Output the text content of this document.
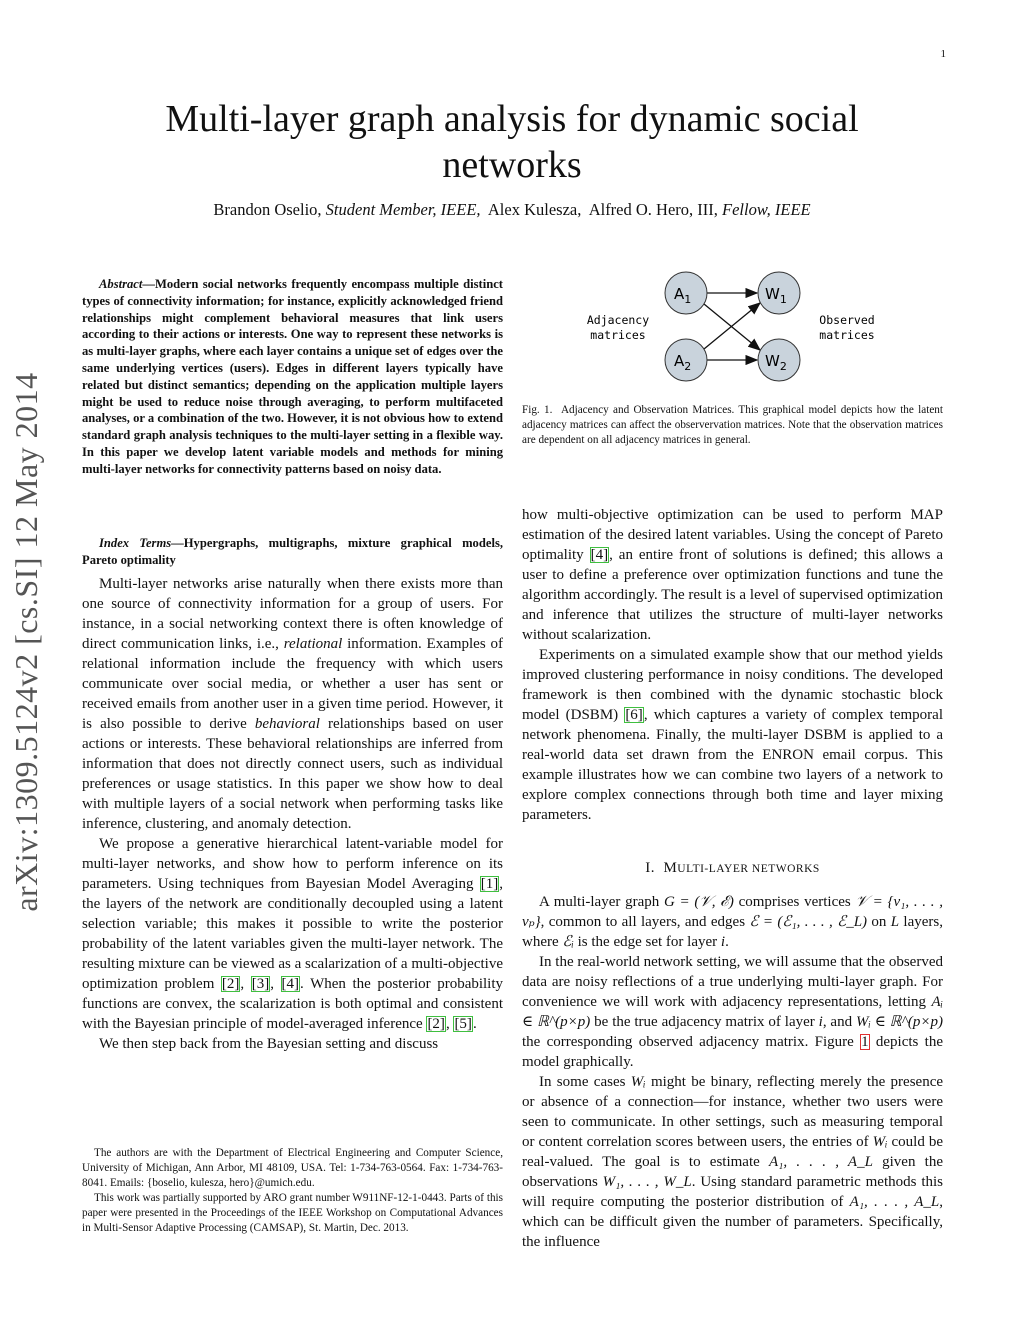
1
Multi-layer graph analysis for dynamic social networks
Brandon Oselio, Student Member, IEEE, Alex Kulesza, Alfred O. Hero, III, Fellow, IEEE
arXiv:1309.5124v2 [cs.SI] 12 May 2014
Abstract—Modern social networks frequently encompass multiple distinct types of connectivity information; for instance, explicitly acknowledged friend relationships might complement behavioral measures that link users according to their actions or interests. One way to represent these networks is as multi-layer graphs, where each layer contains a unique set of edges over the same underlying vertices (users). Edges in different layers typically have related but distinct semantics; depending on the application multiple layers might be used to reduce noise through averaging, to perform multifaceted analyses, or a combination of the two. However, it is not obvious how to extend standard graph analysis techniques to the multi-layer setting in a flexible way. In this paper we develop latent variable models and methods for mining multi-layer networks for connectivity patterns based on noisy data.
Index Terms—Hypergraphs, multigraphs, mixture graphical models, Pareto optimality

Multi-layer networks arise naturally when there exists more than one source of connectivity information for a group of users. For instance, in a social networking context there is often knowledge of direct communication links, i.e., relational information. Examples of relational information include the frequency with which users communicate over social media, or whether a user has sent or received emails from another user in a given time period. However, it is also possible to derive behavioral relationships based on user actions or interests. These behavioral relationships are inferred from information that does not directly connect users, such as individual preferences or usage statistics. In this paper we show how to deal with multiple layers of a social network when performing tasks like inference, clustering, and anomaly detection.

We propose a generative hierarchical latent-variable model for multi-layer networks, and show how to perform inference on its parameters. Using techniques from Bayesian Model Averaging [1], the layers of the network are conditionally decoupled using a latent selection variable; this makes it possible to write the posterior probability of the latent variables given the multi-layer network. The resulting mixture can be viewed as a scalarization of a multi-objective optimization problem [2], [3], [4]. When the posterior probability functions are convex, the scalarization is both optimal and consistent with the Bayesian principle of model-averaged inference [2], [5].

We then step back from the Bayesian setting and discuss

The authors are with the Department of Electrical Engineering and Computer Science, University of Michigan, Ann Arbor, MI 48109, USA. Tel: 1-734-763-0564. Fax: 1-734-763-8041. Emails: {boselio, kulesza, hero}@umich.edu.

This work was partially supported by ARO grant number W911NF-12-1-0443. Parts of this paper were presented in the Proceedings of the IEEE Workshop on Computational Advances in Multi-Sensor Adaptive Processing (CAMSAP), St. Martin, Dec. 2013.

$A_1$
$A_2$
$W_1$
$W_2$
Adjacency
matrices
Observed
matrices
Fig. 1. Adjacency and Observation Matrices. This graphical model depicts how the latent adjacency matrices can affect the observervation matrices. Note that the observation matrices are dependent on all adjacency matrices in general.

how multi-objective optimization can be used to perform MAP estimation of the desired latent variables. Using the concept of Pareto optimality [4], an entire front of solutions is defined; this allows a user to define a preference over optimization functions and tune the algorithm accordingly. The result is a level of supervised optimization and inference that utilizes the structure of multi-layer networks without scalarization.

Experiments on a simulated example show that our method yields improved clustering performance in noisy conditions. The developed framework is then combined with the dynamic stochastic block model (DSBM) [6], which captures a variety of complex temporal network phenomena. Finally, the multi-layer DSBM is applied to a real-world data set drawn from the ENRON email corpus. This example illustrates how we can combine two layers of a network to explore complex connections through both time and layer mixing parameters.

I. MULTI-LAYER NETWORKS

A multi-layer graph G = (𝒱, ℰ) comprises vertices 𝒱 = {v₁, . . . , vₚ}, common to all layers, and edges ℰ = (ℰ₁, . . . , ℰ_L) on L layers, where ℰᵢ is the edge set for layer i.

In the real-world network setting, we will assume that the observed data are noisy reflections of a true underlying multi-layer graph. For convenience we will work with adjacency representations, letting Aᵢ ∈ ℝ^(p×p) be the true adjacency matrix of layer i, and Wᵢ ∈ ℝ^(p×p) the corresponding observed adjacency matrix. Figure 1 depicts the model graphically.

In some cases Wᵢ might be binary, reflecting merely the presence or absence of a connection—for instance, whether two users were seen to communicate. In other settings, such as measuring temporal or content correlation scores between users, the entries of Wᵢ could be real-valued. The goal is to estimate A₁, . . . , A_L given the observations W₁, . . . , W_L. Using standard parametric methods this will require computing the posterior distribution of A₁, . . . , A_L, which can be difficult given the number of parameters. Specifically, the influence
